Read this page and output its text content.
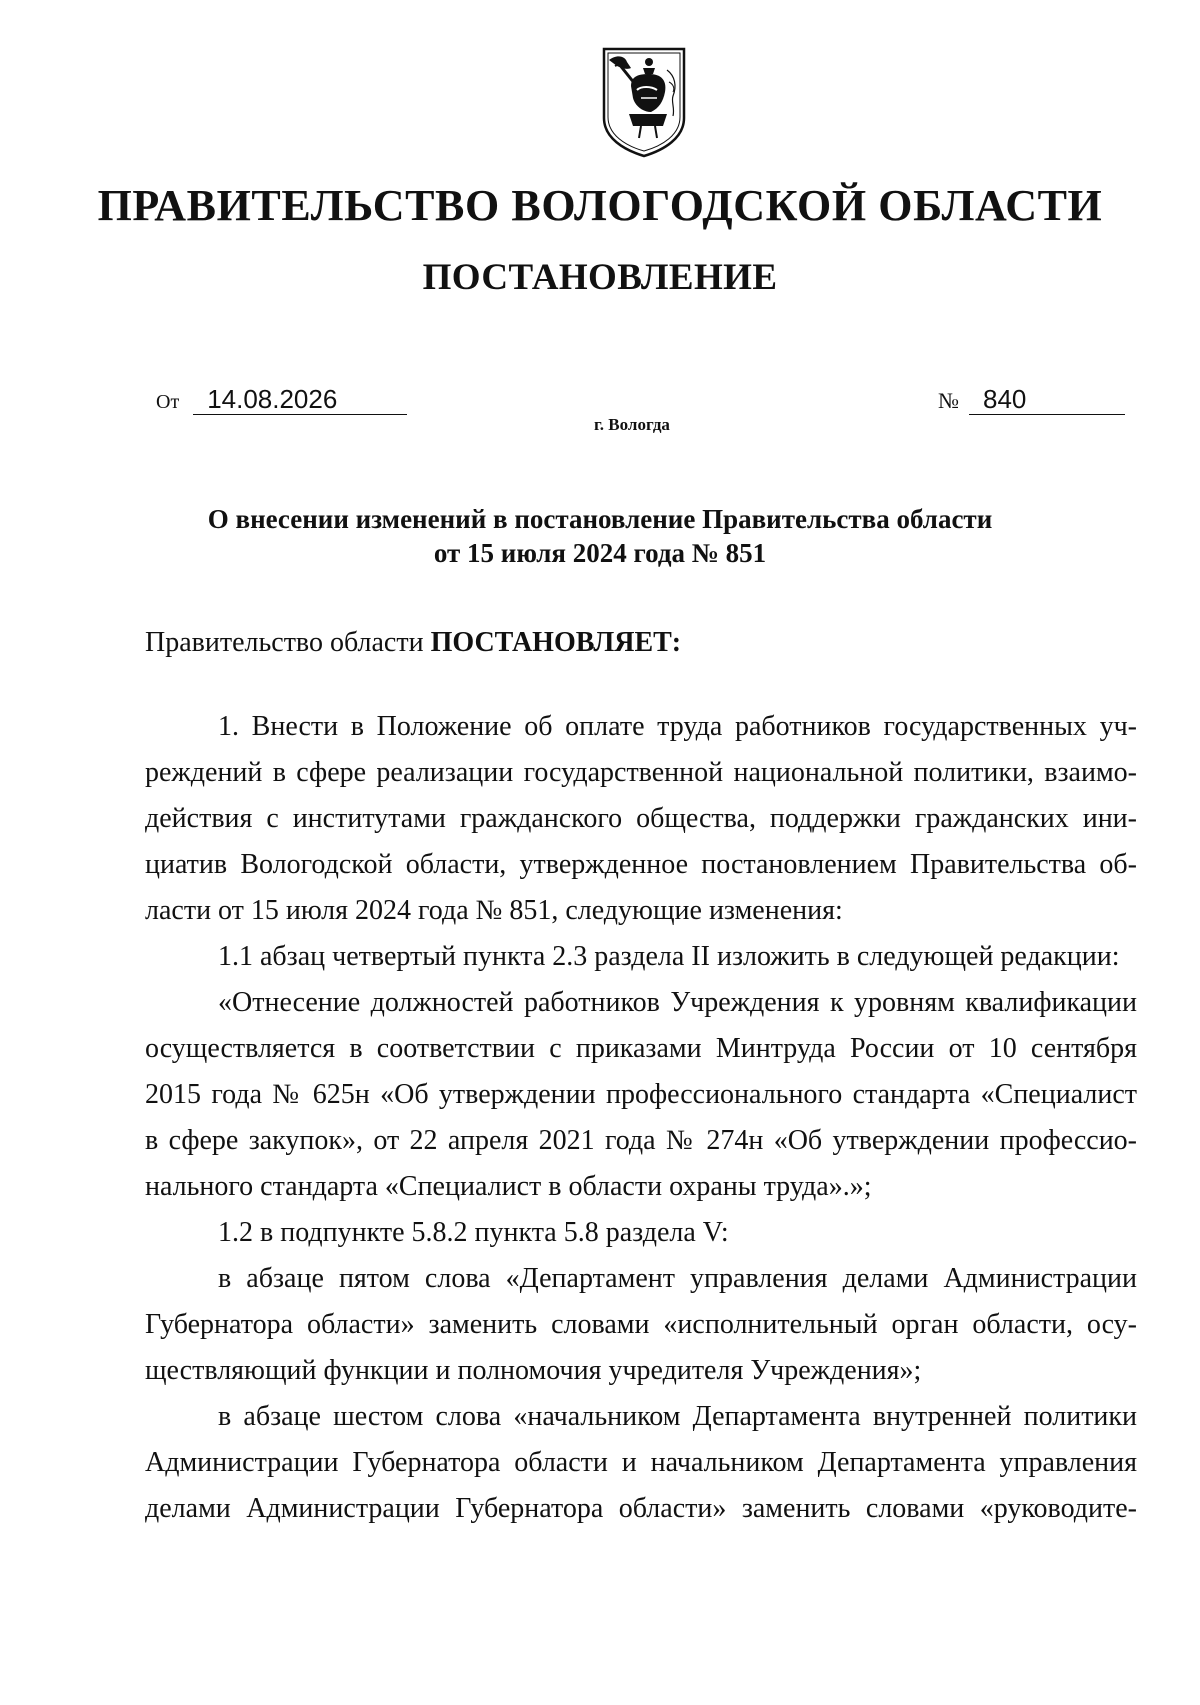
ПРАВИТЕЛЬСТВО ВОЛОГОДСКОЙ ОБЛАСТИ
ПОСТАНОВЛЕНИЕ
От 14.08.2026	№ 840
г. Вологда
О внесении изменений в постановление Правительства области
от 15 июля 2024 года № 851
Правительство области ПОСТАНОВЛЯЕТ:
1. Внести в Положение об оплате труда работников государственных уч-
реждений в сфере реализации государственной национальной политики, взаимо-
действия с институтами гражданского общества, поддержки гражданских ини-
циатив Вологодской области, утвержденное постановлением Правительства об-
ласти от 15 июля 2024 года № 851, следующие изменения:
1.1 абзац четвертый пункта 2.3 раздела II изложить в следующей редакции:
«Отнесение должностей работников Учреждения к уровням квалификации
осуществляется в соответствии с приказами Минтруда России от 10 сентября
2015 года № 625н «Об утверждении профессионального стандарта «Специалист
в сфере закупок», от 22 апреля 2021 года № 274н «Об утверждении профессио-
нального стандарта «Специалист в области охраны труда».»;
1.2 в подпункте 5.8.2 пункта 5.8 раздела V:
в абзаце пятом слова «Департамент управления делами Администрации
Губернатора области» заменить словами «исполнительный орган области, осу-
ществляющий функции и полномочия учредителя Учреждения»;
в абзаце шестом слова «начальником Департамента внутренней политики
Администрации Губернатора области и начальником Департамента управления
делами Администрации Губернатора области» заменить словами «руководите-
